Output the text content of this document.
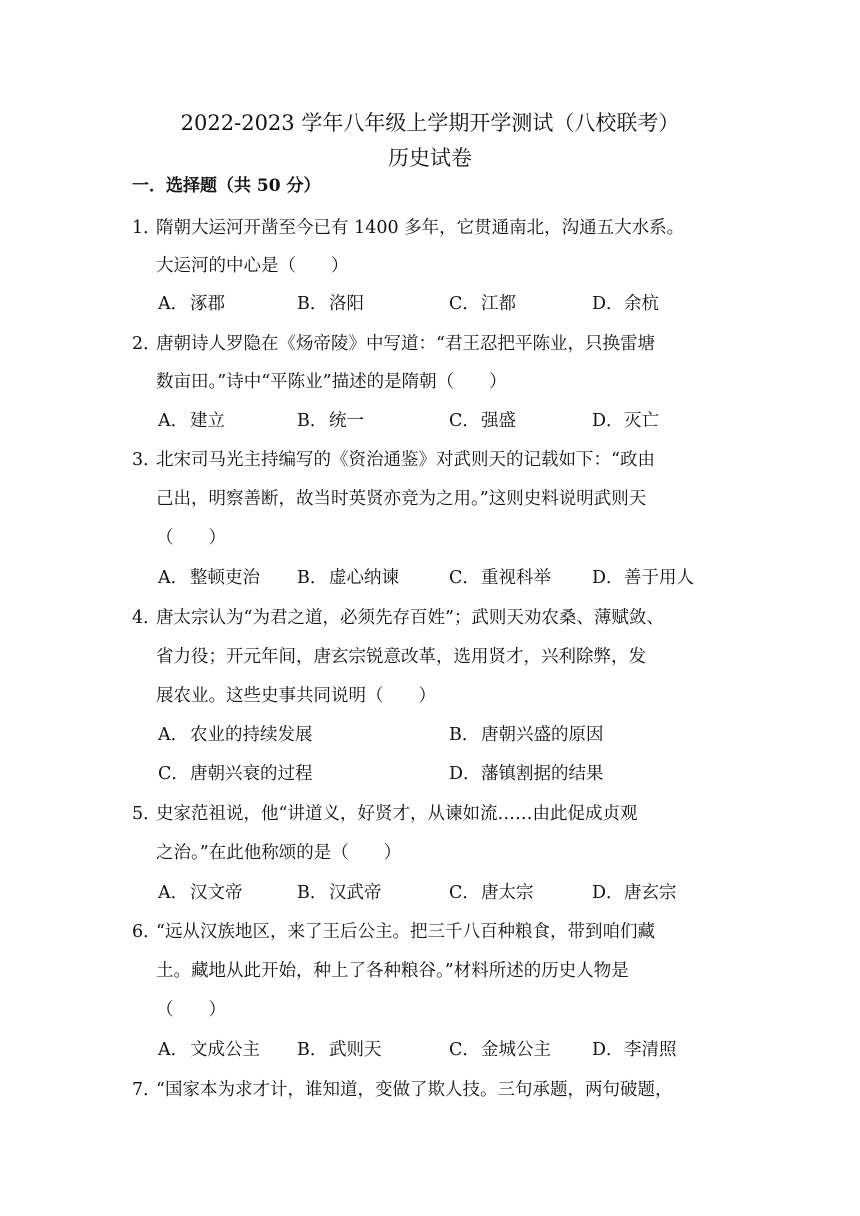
2022-2023 学年八年级上学期开学测试（八校联考）
历史试卷
一．选择题（共 50 分）
1．隋朝大运河开凿至今已有 1400 多年，它贯通南北，沟通五大水系。
大运河的中心是（　　）
A． 涿郡	B．洛阳	C．江都	D．余杭
2．唐朝诗人罗隐在《炀帝陵》中写道：“君王忍把平陈业，只换雷塘
数亩田。”诗中“平陈业”描述的是隋朝（　　）
A． 建立	B．统一	C．强盛	D．灭亡
3．北宋司马光主持编写的《资治通鉴》对武则天的记载如下：“政由
己出，明察善断，故当时英贤亦竞为之用。”这则史料说明武则天
（　　）
A． 整顿吏治 B．虚心纳谏	C．重视科举 D．善于用人
4．唐太宗认为“为君之道，必须先存百姓”；武则天劝农桑、薄赋敛、
省力役；开元年间，唐玄宗锐意改革，选用贤才，兴利除弊，发
展农业。这些史事共同说明（　　）
A． 农业的持续发展	B．唐朝兴盛的原因
C．唐朝兴衰的过程	D．藩镇割据的结果
5．史家范祖说，他“讲道义，好贤才，从谏如流……由此促成贞观
之治。”在此他称颂的是（　　）
A． 汉文帝	B．汉武帝	C．唐太宗	D．唐玄宗
6．“远从汉族地区，来了王后公主。把三千八百种粮食，带到咱们藏
土。藏地从此开始，种上了各种粮谷。”材料所述的历史人物是
（　　）
A． 文成公主 B．武则天	C．金城公主 D．李清照
7．“国家本为求才计，谁知道，变做了欺人技。三句承题，两句破题，
